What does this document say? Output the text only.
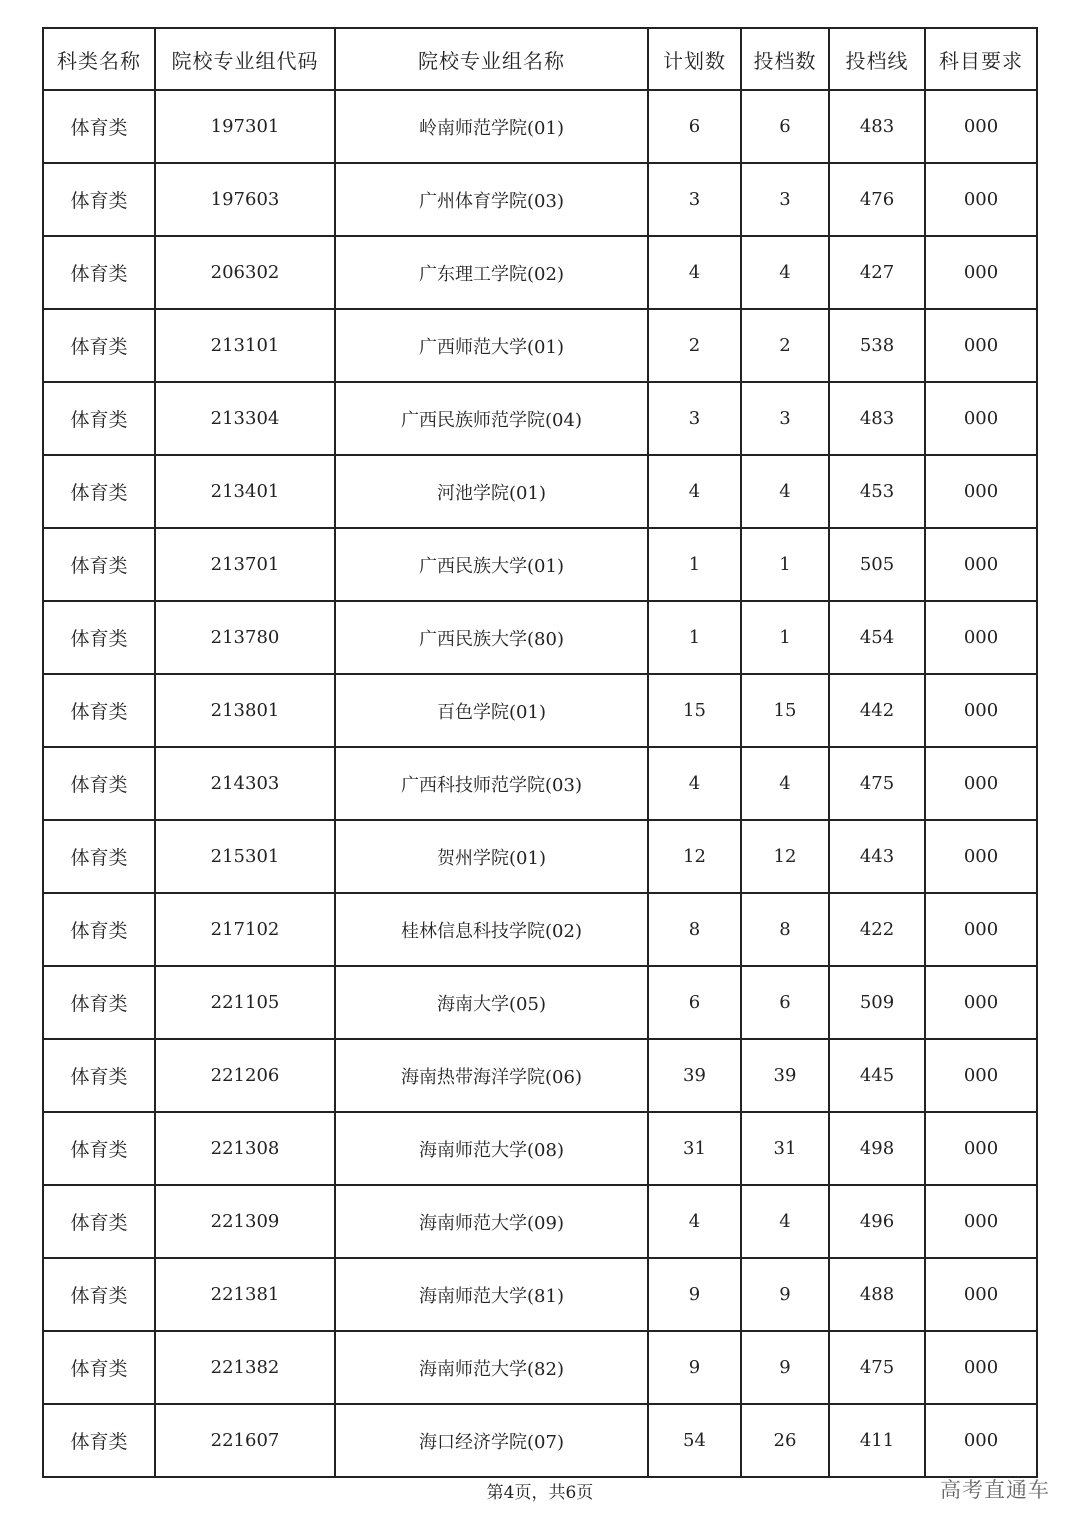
科类名称	院校专业组代码	院校专业组名称	计划数	投档数	投档线	科目要求
体育类	197301	岭南师范学院(01)	6	6	483	000
体育类	197603	广州体育学院(03)	3	3	476	000
体育类	206302	广东理工学院(02)	4	4	427	000
体育类	213101	广西师范大学(01)	2	2	538	000
体育类	213304	广西民族师范学院(04)	3	3	483	000
体育类	213401	河池学院(01)	4	4	453	000
体育类	213701	广西民族大学(01)	1	1	505	000
体育类	213780	广西民族大学(80)	1	1	454	000
体育类	213801	百色学院(01)	15	15	442	000
体育类	214303	广西科技师范学院(03)	4	4	475	000
体育类	215301	贺州学院(01)	12	12	443	000
体育类	217102	桂林信息科技学院(02)	8	8	422	000
体育类	221105	海南大学(05)	6	6	509	000
体育类	221206	海南热带海洋学院(06)	39	39	445	000
体育类	221308	海南师范大学(08)	31	31	498	000
体育类	221309	海南师范大学(09)	4	4	496	000
体育类	221381	海南师范大学(81)	9	9	488	000
体育类	221382	海南师范大学(82)	9	9	475	000
体育类	221607	海口经济学院(07)	54	26	411	000
第4页，共6页	高考直通车
